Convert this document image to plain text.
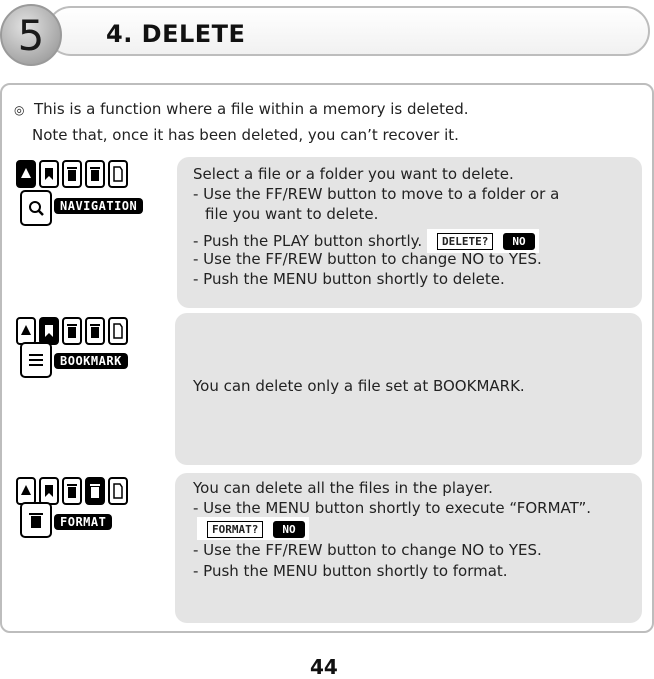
5	4. DELETE
◎ This is a function where a file within a memory is deleted.
Note that, once it has been deleted, you can’t recover it.
NAVIGATION
Select a file or a folder you want to delete.
- Use the FF/REW button to move to a folder or a
file you want to delete.
- Push the PLAY button shortly. DELETE? NO
- Use the FF/REW button to change NO to YES.
- Push the MENU button shortly to delete.
BOOKMARK
You can delete only a file set at BOOKMARK.
FORMAT
You can delete all the files in the player.
- Use the MENU button shortly to execute “FORMAT”.
FORMAT? NO
- Use the FF/REW button to change NO to YES.
- Push the MENU button shortly to format.
44
